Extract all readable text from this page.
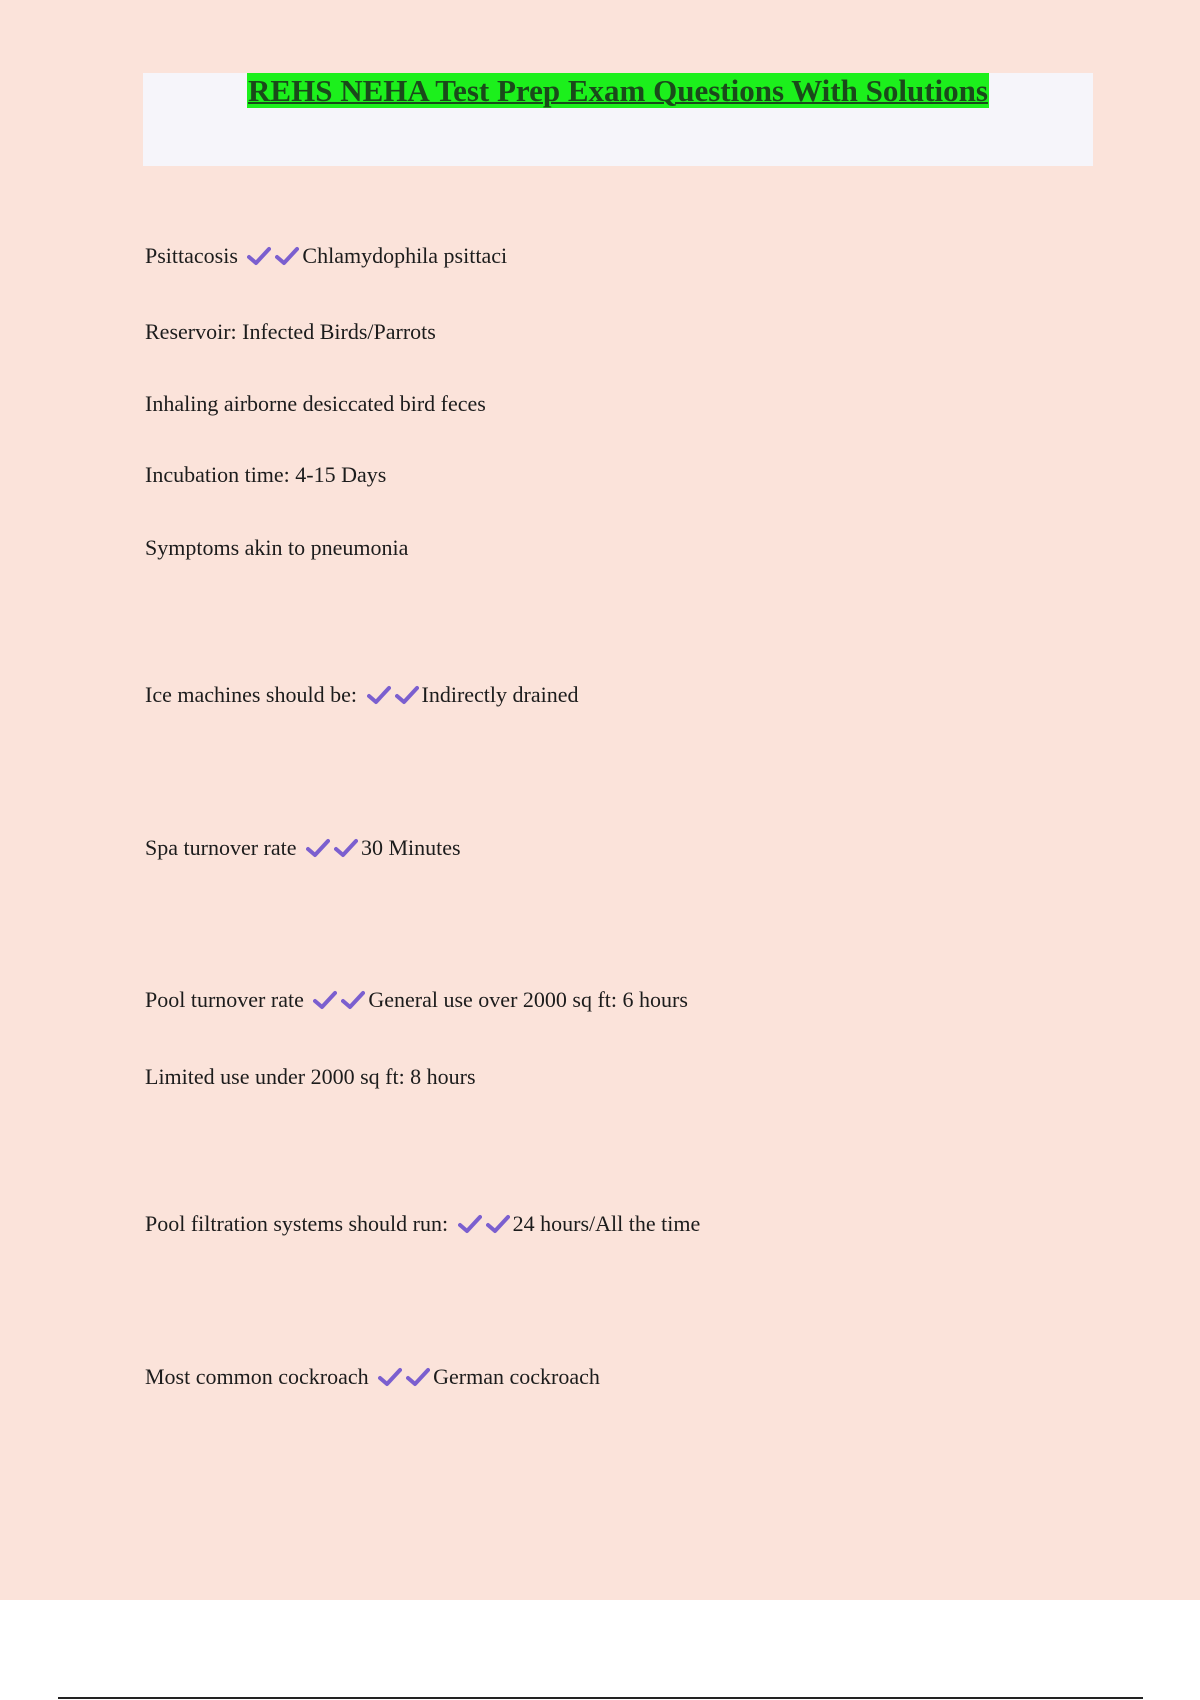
REHS NEHA Test Prep Exam Questions With Solutions
Psittacosis	Chlamydophila psittaci
Reservoir: Infected Birds/Parrots
Inhaling airborne desiccated bird feces
Incubation time: 4-15 Days
Symptoms akin to pneumonia
Ice machines should be:	Indirectly drained
Spa turnover rate	30 Minutes
Pool turnover rate	General use over 2000 sq ft: 6 hours
Limited use under 2000 sq ft: 8 hours
Pool filtration systems should run:	24 hours/All the time
Most common cockroach	German cockroach
